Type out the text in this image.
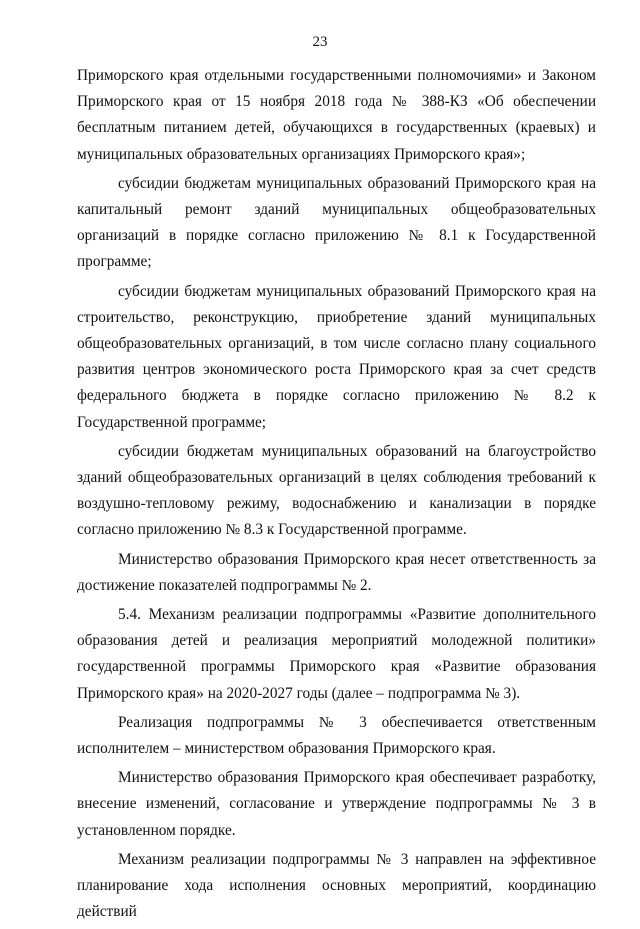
23

Приморского края отдельными государственными полномочиями» и Законом Приморского края от 15 ноября 2018 года № 388-КЗ «Об обеспечении бесплатным питанием детей, обучающихся в государственных (краевых) и муниципальных образовательных организациях Приморского края»;

субсидии бюджетам муниципальных образований Приморского края на капитальный ремонт зданий муниципальных общеобразовательных организаций в порядке согласно приложению № 8.1 к Государственной программе;

субсидии бюджетам муниципальных образований Приморского края на строительство, реконструкцию, приобретение зданий муниципальных общеобразовательных организаций, в том числе согласно плану социального развития центров экономического роста Приморского края за счет средств федерального бюджета в порядке согласно приложению № 8.2 к Государственной программе;

субсидии бюджетам муниципальных образований на благоустройство зданий общеобразовательных организаций в целях соблюдения требований к воздушно-тепловому режиму, водоснабжению и канализации в порядке согласно приложению № 8.3 к Государственной программе.

Министерство образования Приморского края несет ответственность за достижение показателей подпрограммы № 2.

5.4. Механизм реализации подпрограммы «Развитие дополнительного образования детей и реализация мероприятий молодежной политики» государственной программы Приморского края «Развитие образования Приморского края» на 2020-2027 годы (далее – подпрограмма № 3).

Реализация подпрограммы № 3 обеспечивается ответственным исполнителем – министерством образования Приморского края.

Министерство образования Приморского края обеспечивает разработку, внесение изменений, согласование и утверждение подпрограммы № 3 в установленном порядке.

Механизм реализации подпрограммы № 3 направлен на эффективное планирование хода исполнения основных мероприятий, координацию действий
